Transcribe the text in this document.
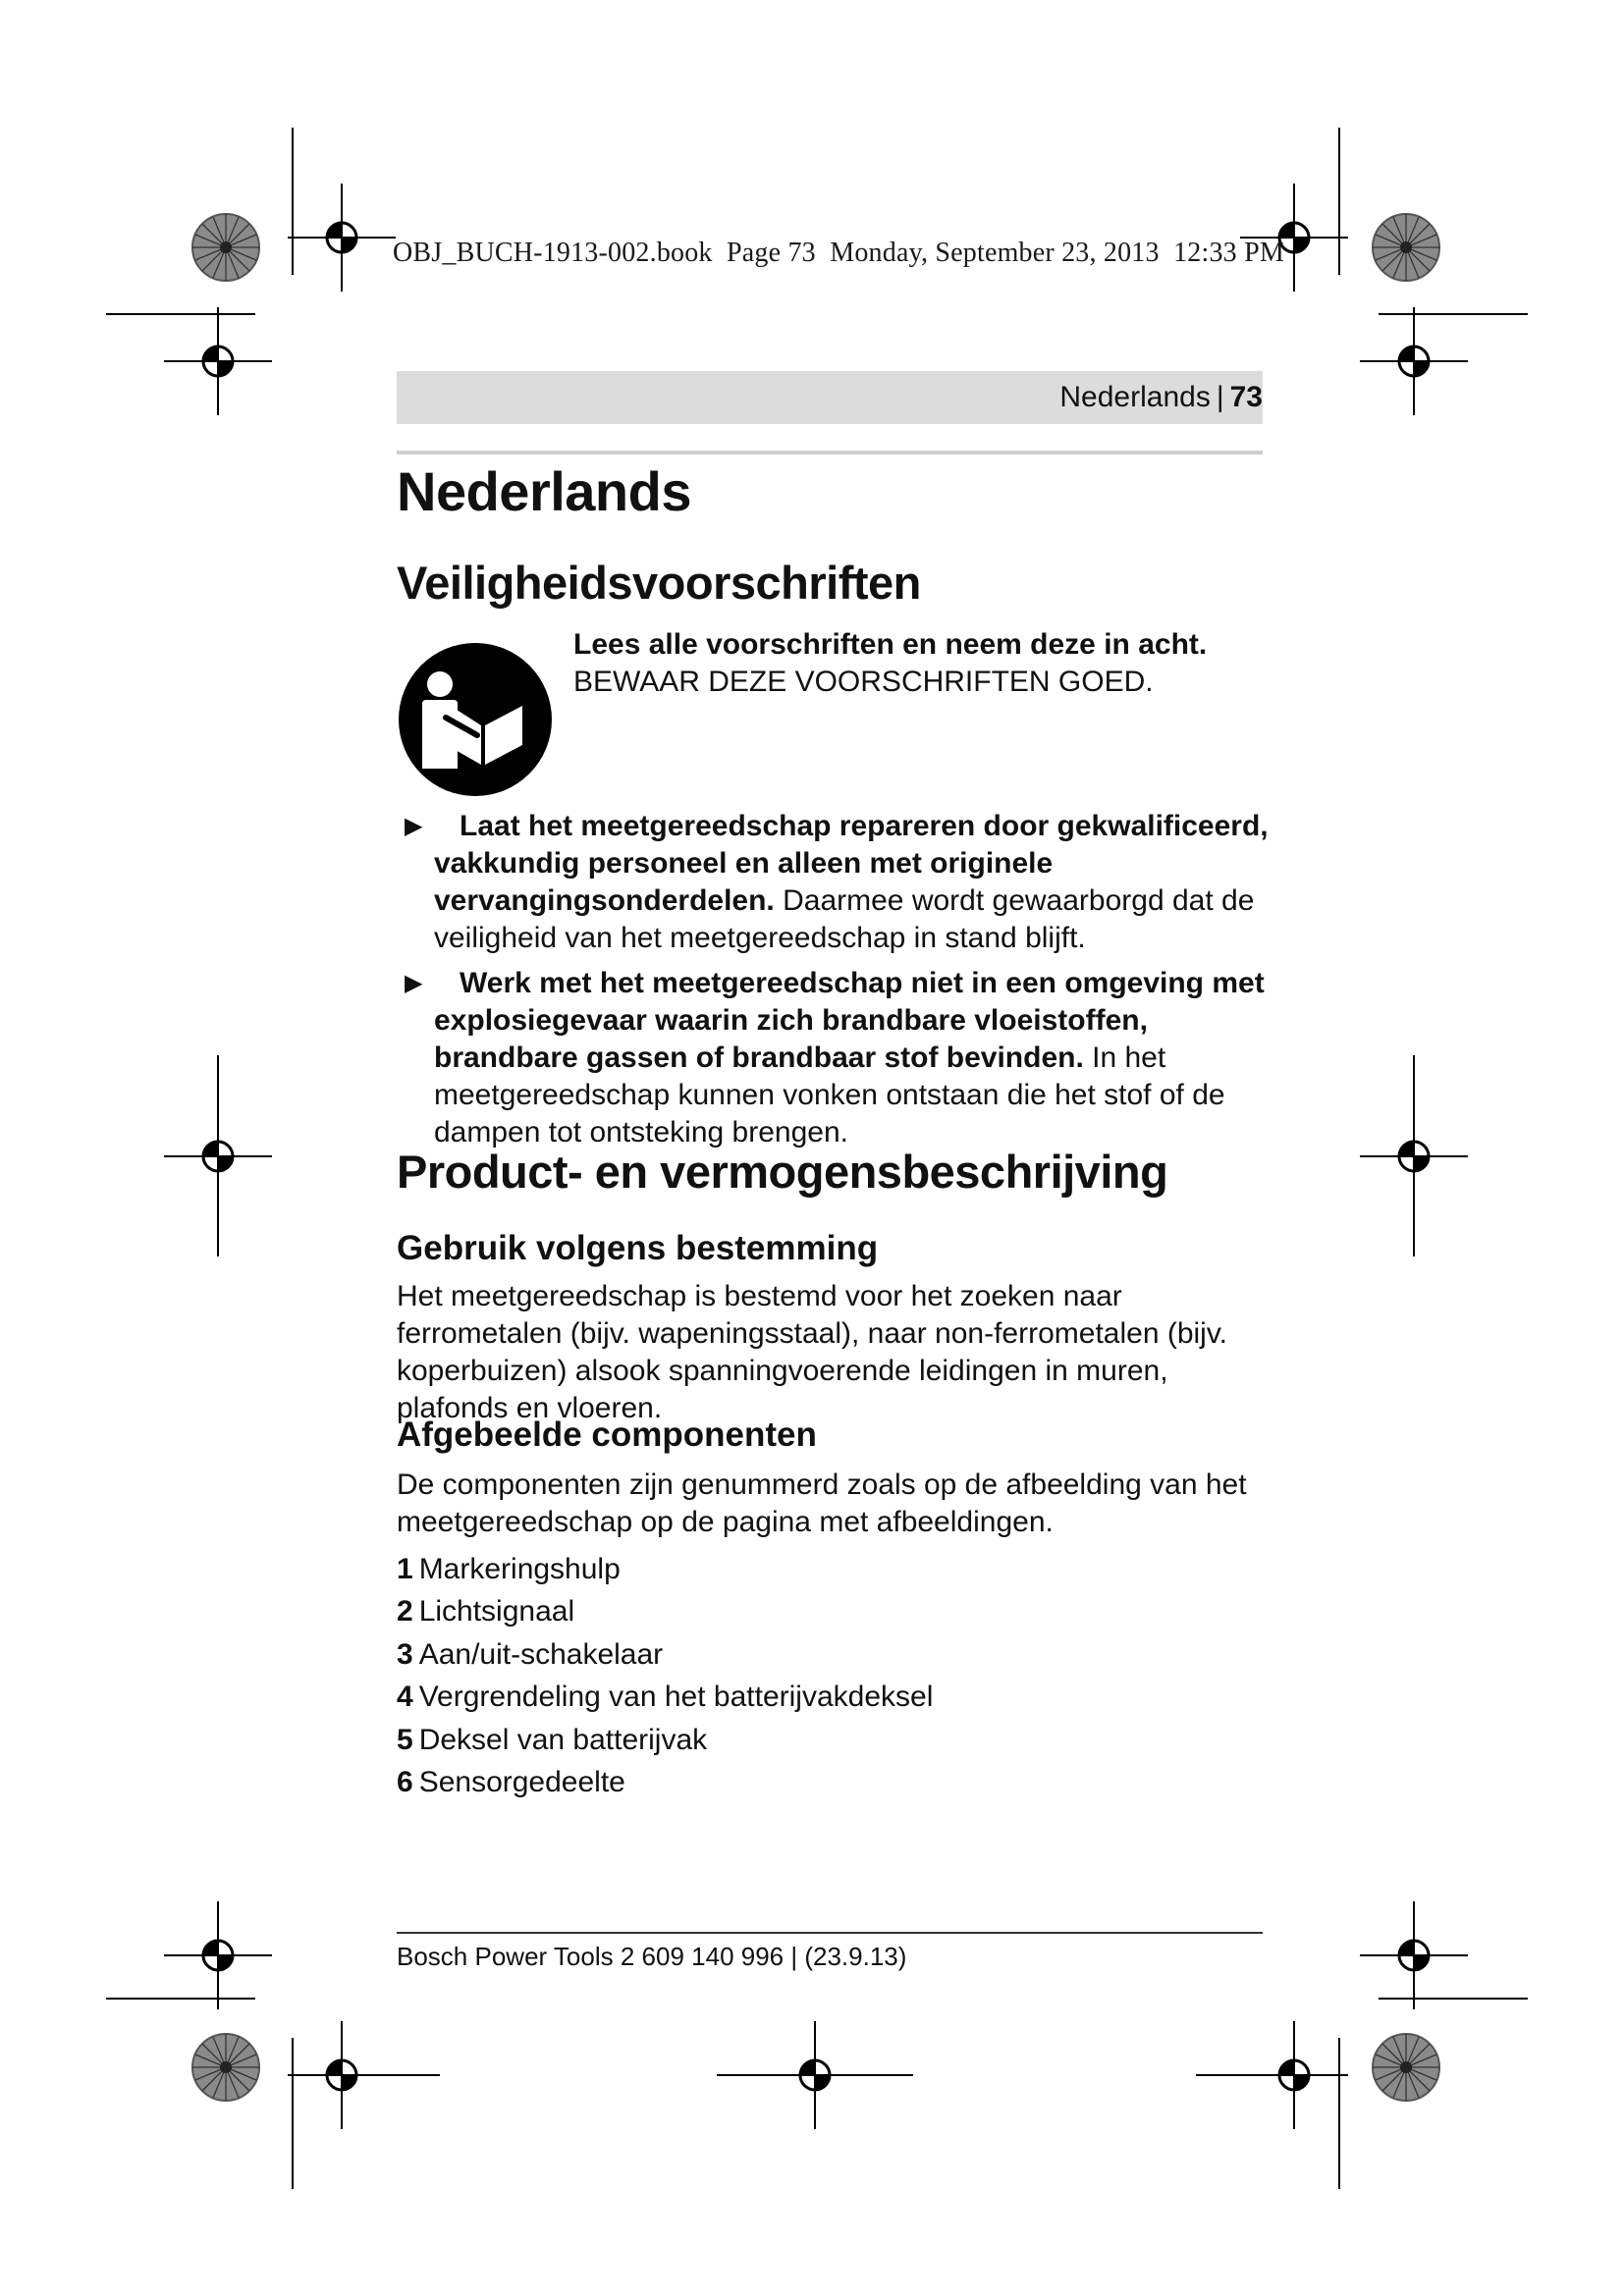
OBJ_BUCH-1913-002.book  Page 73  Monday, September 23, 2013  12:33 PM
Nederlands | 73
Nederlands
Veiligheidsvoorschriften
Lees alle voorschriften en neem deze in acht. BEWAAR DEZE VOORSCHRIFTEN GOED.
▶	Laat het meetgereedschap repareren door gekwalificeerd, vakkundig personeel en alleen met originele vervangingsonderdelen. Daarmee wordt gewaarborgd dat de veiligheid van het meetgereedschap in stand blijft.
▶	Werk met het meetgereedschap niet in een omgeving met explosiegevaar waarin zich brandbare vloeistoffen, brandbare gassen of brandbaar stof bevinden. In het meetgereedschap kunnen vonken ontstaan die het stof of de dampen tot ontsteking brengen.
Product- en vermogensbeschrijving
Gebruik volgens bestemming
Het meetgereedschap is bestemd voor het zoeken naar ferrometalen (bijv. wapeningsstaal), naar non-ferrometalen (bijv. koperbuizen) alsook spanningvoerende leidingen in muren, plafonds en vloeren.
Afgebeelde componenten
De componenten zijn genummerd zoals op de afbeelding van het meetgereedschap op de pagina met afbeeldingen.
1 Markeringshulp
2 Lichtsignaal
3 Aan/uit-schakelaar
4 Vergrendeling van het batterijvakdeksel
5 Deksel van batterijvak
6 Sensorgedeelte
Bosch Power Tools 2 609 140 996 | (23.9.13)
